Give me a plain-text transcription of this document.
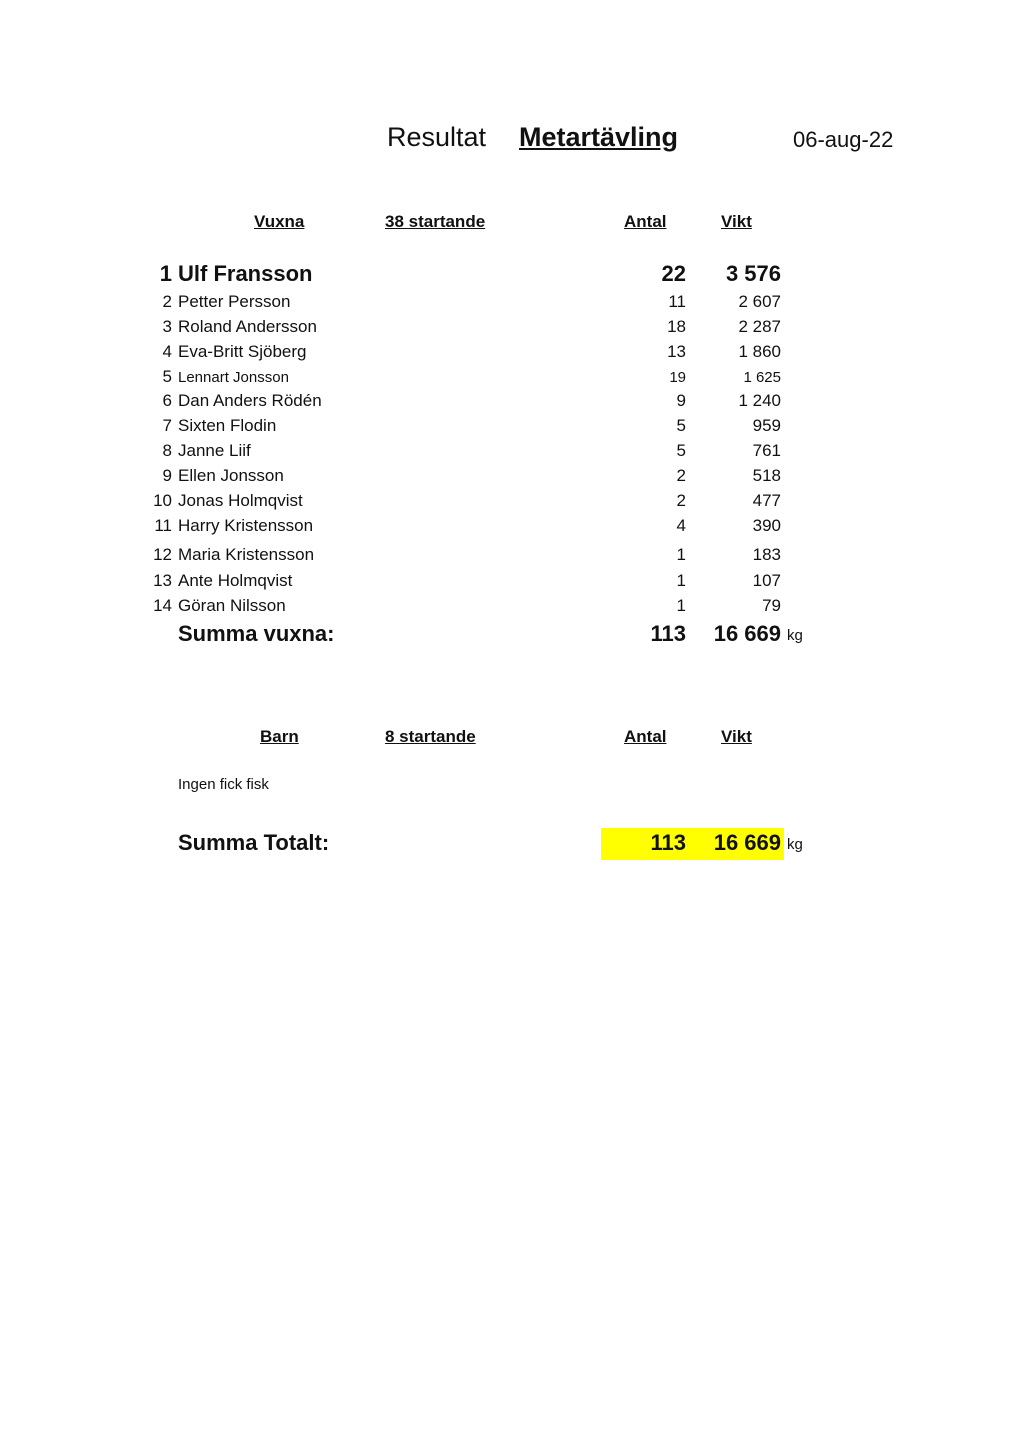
Resultat Metartävling	06-aug-22
Vuxna	38 startande	Antal	Vikt
1 Ulf Fransson	22	3 576
2 Petter Persson	11	2 607
3 Roland Andersson	18	2 287
4 Eva-Britt Sjöberg	13	1 860
5 Lennart Jonsson	19	1 625
6 Dan Anders Rödén	9	1 240
7 Sixten Flodin	5	959
8 Janne Liif	5	761
9 Ellen Jonsson	2	518
10 Jonas Holmqvist	2	477
11 Harry Kristensson	4	390
12 Maria Kristensson	1	183
13 Ante Holmqvist	1	107
14 Göran Nilsson	1	79
Summa vuxna:	113	16 669 kg
Barn	8 startande	Antal	Vikt
Ingen fick fisk
Summa Totalt:	113	16 669 kg
